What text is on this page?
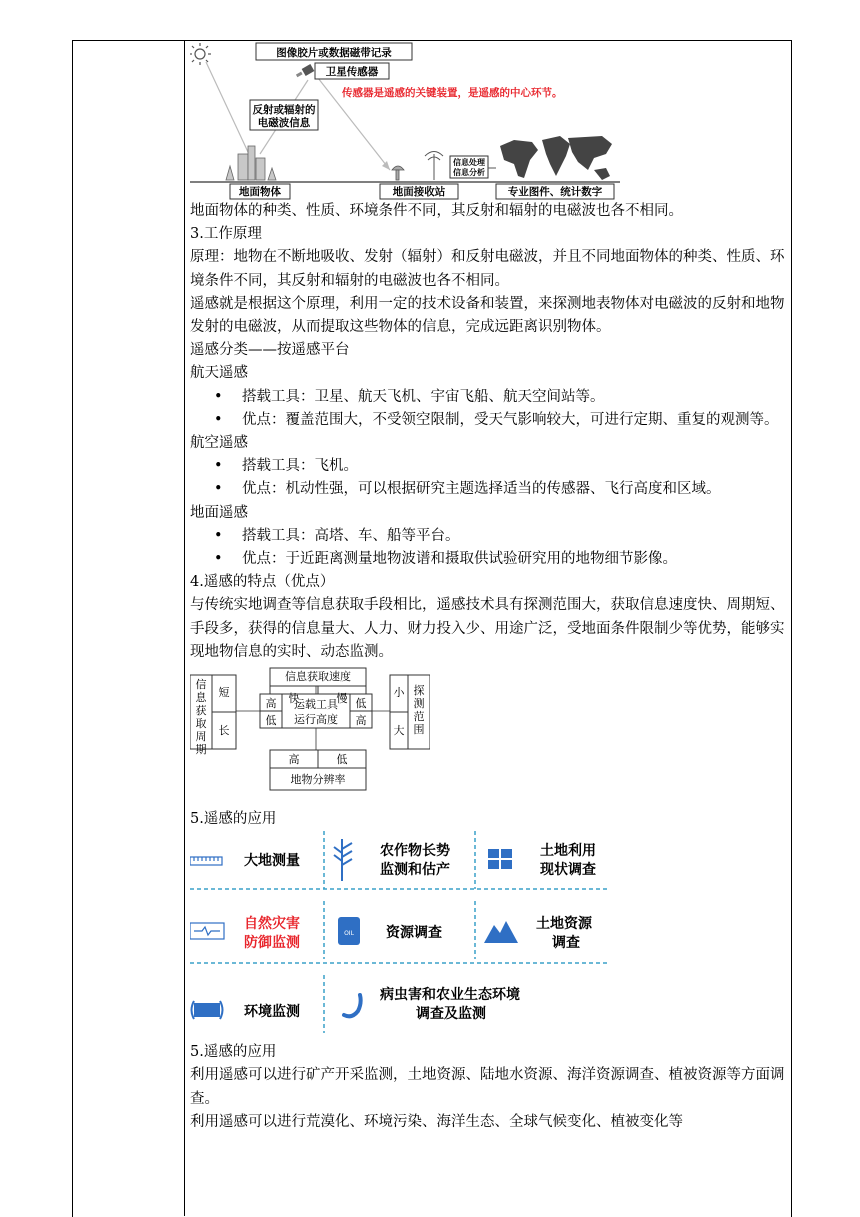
图像胶片或数据磁带记录
卫星传感器
传感器是遥感的关键装置，是遥感的中心环节。
反射或辐射的
电磁波信息
信息处理
信息分析
地面物体	地面接收站	专业图件、统计数字

地面物体的种类、性质、环境条件不同，其反射和辐射的电磁波也各不相同。

3.工作原理

原理：地物在不断地吸收、发射（辐射）和反射电磁波，并且不同地面物体的种类、性质、环境条件不同，其反射和辐射的电磁波也各不相同。

遥感就是根据这个原理，利用一定的技术设备和装置，来探测地表物体对电磁波的反射和地物发射的电磁波，从而提取这些物体的信息，完成远距离识别物体。

遥感分类——按遥感平台

航天遥感

• 搭载工具：卫星、航天飞机、宇宙飞船、航天空间站等。

• 优点：覆盖范围大，不受领空限制，受天气影响较大，可进行定期、重复的观测等。

航空遥感

• 搭载工具：飞机。

• 优点：机动性强，可以根据研究主题选择适当的传感器、飞行高度和区域。

地面遥感

• 搭载工具：高塔、车、船等平台。

• 优点：于近距离测量地物波谱和摄取供试验研究用的地物细节影像。

4.遥感的特点（优点）

与传统实地调查等信息获取手段相比，遥感技术具有探测范围大，获取信息速度快、周期短、手段多，获得的信息量大、人力、财力投入少、用途广泛，受地面条件限制少等优势，能够实现地物信息的实时、动态监测。

信息获取速度
快	慢
信
息
获
取
周
期
短
长
高
低
运载工具
运行高度
低
高
小
大
探
测
范
围
高	低
地物分辨率

5.遥感的应用

大地测量
农作物长势
监测和估产
土地利用
现状调查
自然灾害
防御监测
OIL 资源调查
土地资源
调查
环境监测
病虫害和农业生态环境
调查及监测

5.遥感的应用

利用遥感可以进行矿产开采监测，土地资源、陆地水资源、海洋资源调查、植被资源等方面调查。

利用遥感可以进行荒漠化、环境污染、海洋生态、全球气候变化、植被变化等
